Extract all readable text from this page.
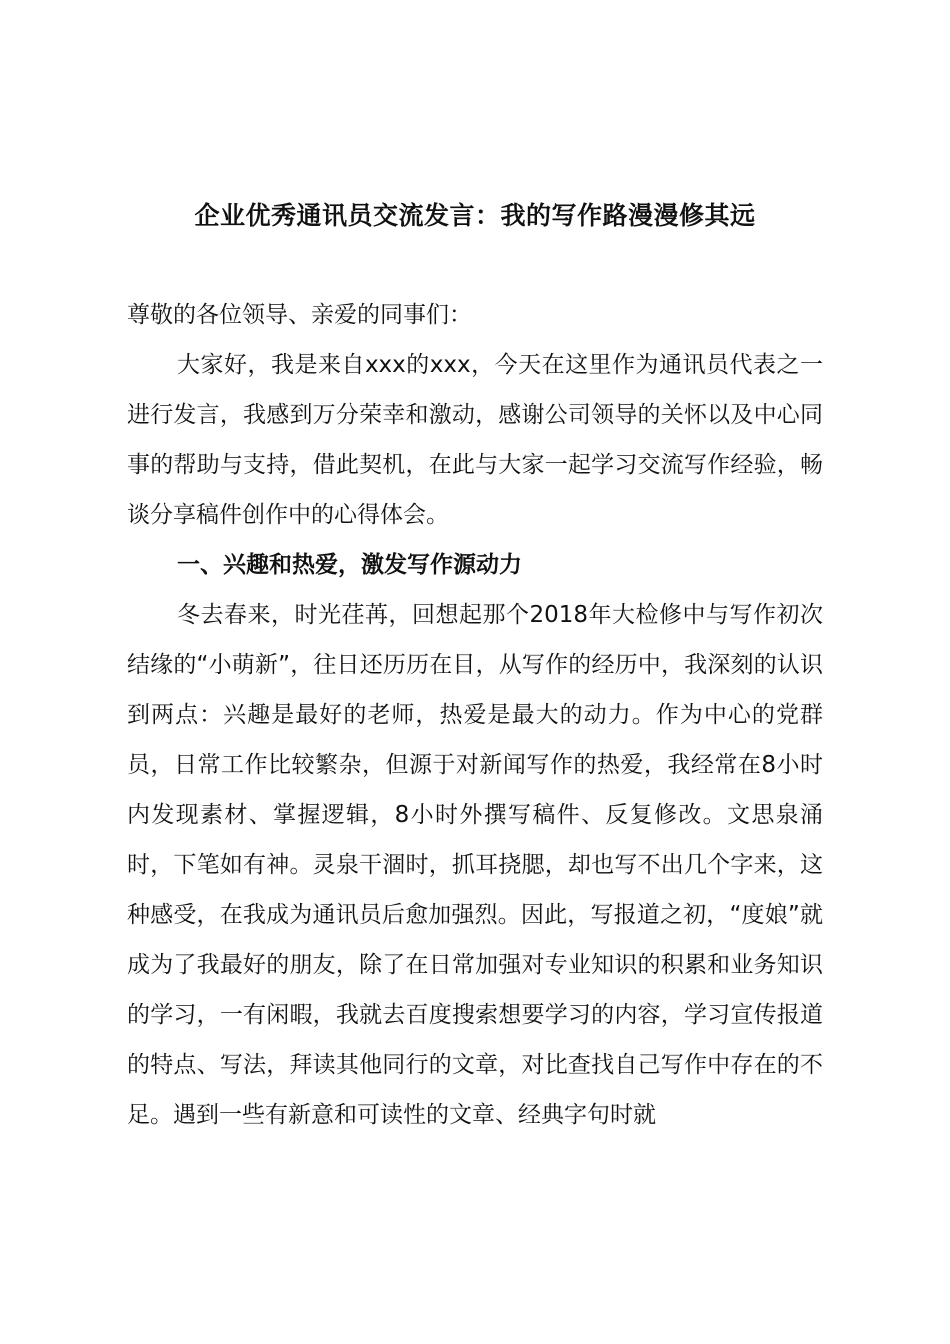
企业优秀通讯员交流发言：我的写作路漫漫修其远

尊敬的各位领导、亲爱的同事们：

大家好，我是来自xxx的xxx，今天在这里作为通讯员代表之一进行发言，我感到万分荣幸和激动，感谢公司领导的关怀以及中心同事的帮助与支持，借此契机，在此与大家一起学习交流写作经验，畅谈分享稿件创作中的心得体会。

一、兴趣和热爱，激发写作源动力

冬去春来，时光荏苒，回想起那个2018年大检修中与写作初次结缘的“小萌新”，往日还历历在目，从写作的经历中，我深刻的认识到两点：兴趣是最好的老师，热爱是最大的动力。作为中心的党群员，日常工作比较繁杂，但源于对新闻写作的热爱，我经常在8小时内发现素材、掌握逻辑，8小时外撰写稿件、反复修改。文思泉涌时，下笔如有神。灵泉干涸时，抓耳挠腮，却也写不出几个字来，这种感受，在我成为通讯员后愈加强烈。因此，写报道之初，“度娘”就成为了我最好的朋友，除了在日常加强对专业知识的积累和业务知识的学习，一有闲暇，我就去百度搜索想要学习的内容，学习宣传报道的特点、写法，拜读其他同行的文章，对比查找自己写作中存在的不足。遇到一些有新意和可读性的文章、经典字句时就
